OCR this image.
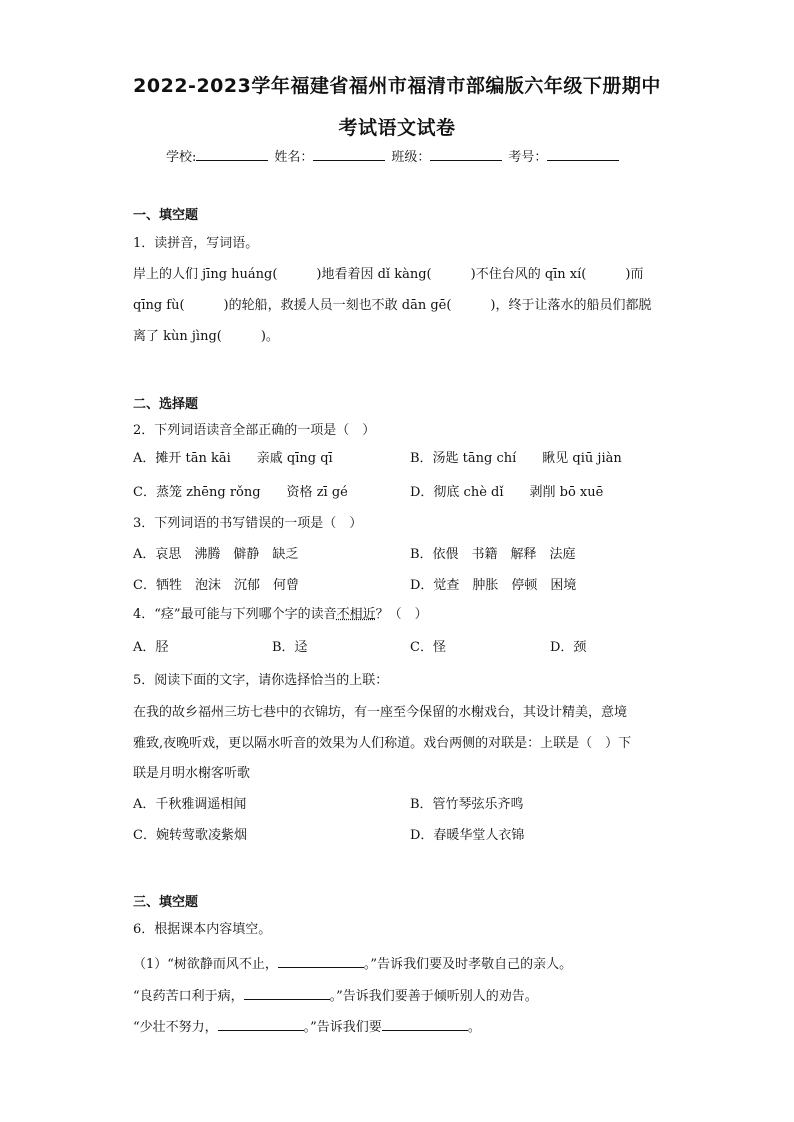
2022-2023学年福建省福州市福清市部编版六年级下册期中
考试语文试卷
学校:	姓名：	班级：	考号：
一、填空题
1．读拼音，写词语。
岸上的人们 jīng huáng(　　　)地看着因 dǐ kàng(　　　)不住台风的 qīn xí(　　　)而
qīng fù(　　　)的轮船，救援人员一刻也不敢 dān gē(　　　)，终于让落水的船员们都脱
离了 kùn jìng(　　　)。
二、选择题
2．下列词语读音全部正确的一项是（　）
A．摊开 tān kāi　　亲戚 qīng qī	B．汤匙 tāng chí　　瞅见 qiū jiàn
C．蒸笼 zhēng rǒng　　资格 zī gé	D．彻底 chè dǐ　　剥削 bō xuē
3．下列词语的书写错误的一项是（　）
A．哀思　沸腾　僻静　缺乏	B．依偎　书籍　解释　法庭
C．牺牲　泡沫　沉郁　何曾	D．觉查　肿胀　停顿　困境
4．“痉”最可能与下列哪个字的读音不相近？（　）
A．胫	B．迳	C．怪	D．颈
5．阅读下面的文字，请你选择恰当的上联：
在我的故乡福州三坊七巷中的衣锦坊，有一座至今保留的水榭戏台，其设计精美，意境
雅致,夜晚听戏，更以隔水听音的效果为人们称道。戏台两侧的对联是：上联是（　）下
联是月明水榭客听歌
A．千秋雅调遥相闻	B．管竹琴弦乐齐鸣
C．婉转莺歌凌紫烟	D．春暖华堂人衣锦
三、填空题
6．根据课本内容填空。
（1）“树欲静而风不止，	。”告诉我们要及时孝敬自己的亲人。
“良药苦口利于病，	。”告诉我们要善于倾听别人的劝告。
“少壮不努力，	。”告诉我们要	。
